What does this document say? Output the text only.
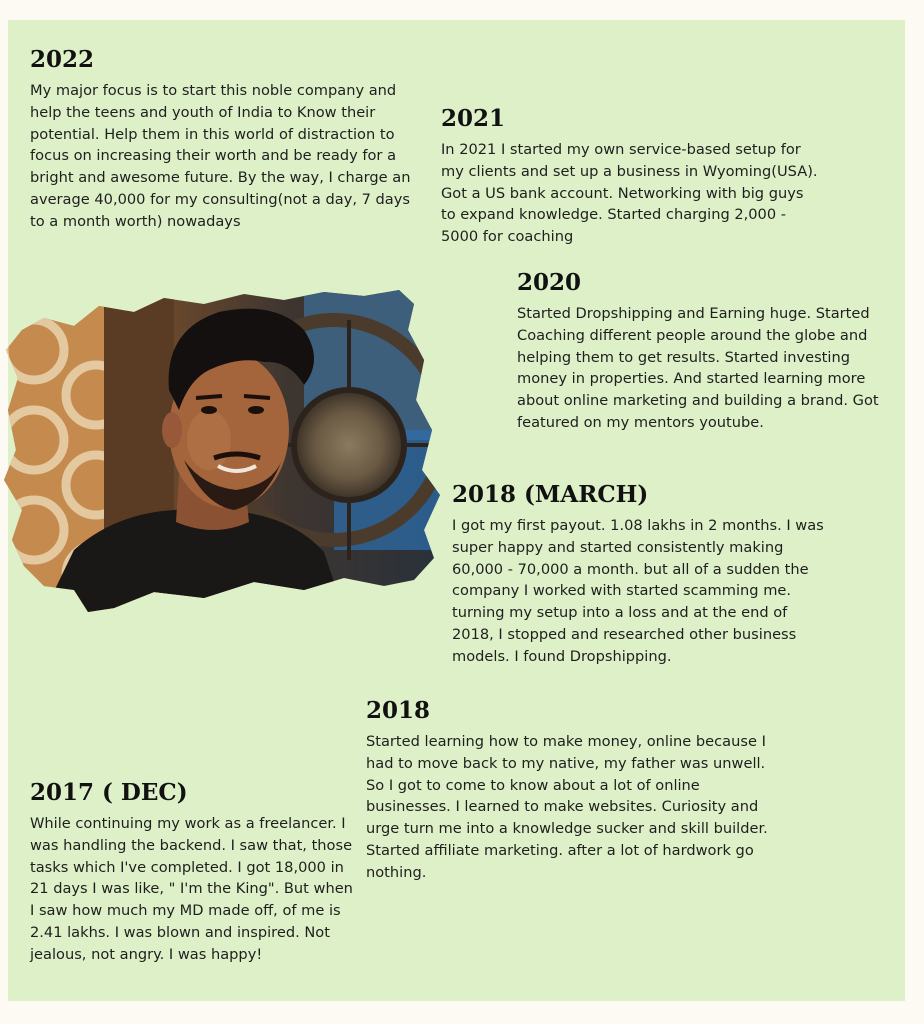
2022

My major focus is to start this noble company and help the teens and youth of India to Know their potential. Help them in this world of distraction to focus on increasing their worth and be ready for a bright and awesome future. By the way, I charge an average 40,000 for my consulting(not a day, 7 days to a month worth) nowadays

2021

In 2021 I started my own service-based setup for my clients and set up a business in Wyoming(USA). Got a US bank account. Networking with big guys to expand knowledge. Started charging 2,000 - 5000 for coaching

2020

Started Dropshipping and Earning huge. Started Coaching different people around the globe and helping them to get results. Started investing money in properties. And started learning more about online marketing and building a brand. Got featured on my mentors youtube.

2018 (MARCH)

I got my first payout. 1.08 lakhs in 2 months. I was super happy and started consistently making 60,000 - 70,000 a month. but all of a sudden the company I worked with started scamming me. turning my setup into a loss and at the end of 2018, I stopped and researched other business models. I found Dropshipping.

2018

Started learning how to make money, online because I had to move back to my native, my father was unwell. So I got to come to know about a lot of online businesses. I learned to make websites. Curiosity and urge turn me into a knowledge sucker and skill builder. Started affiliate marketing. after a lot of hardwork go nothing.

2017 ( DEC)

While continuing my work as a freelancer. I was handling the backend. I saw that, those tasks which I've completed. I got 18,000 in 21 days I was like, " I'm the King". But when I saw how much my MD made off, of me is 2.41 lakhs. I was blown and inspired. Not jealous, not angry. I was happy!
